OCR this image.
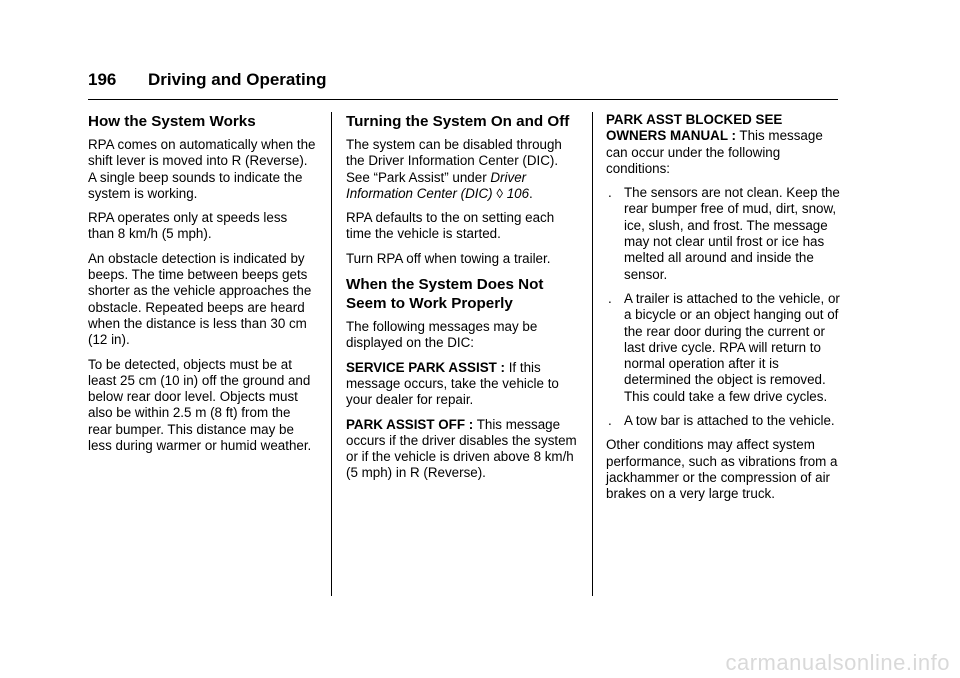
196 Driving and Operating
How the System Works

RPA comes on automatically when the shift lever is moved into R (Reverse). A single beep sounds to indicate the system is working.

RPA operates only at speeds less than 8 km/h (5 mph).

An obstacle detection is indicated by beeps. The time between beeps gets shorter as the vehicle approaches the obstacle. Repeated beeps are heard when the distance is less than 30 cm (12 in).

To be detected, objects must be at least 25 cm (10 in) off the ground and below rear door level. Objects must also be within 2.5 m (8 ft) from the rear bumper. This distance may be less during warmer or humid weather.

Turning the System On and Off

The system can be disabled through the Driver Information Center (DIC). See “Park Assist” under Driver Information Center (DIC) ◊ 106.

RPA defaults to the on setting each time the vehicle is started.

Turn RPA off when towing a trailer.

When the System Does Not Seem to Work Properly

The following messages may be displayed on the DIC:

SERVICE PARK ASSIST : If this message occurs, take the vehicle to your dealer for repair.

PARK ASSIST OFF : This message occurs if the driver disables the system or if the vehicle is driven above 8 km/h (5 mph) in R (Reverse).

PARK ASST BLOCKED SEE OWNERS MANUAL : This message can occur under the following conditions:

. The sensors are not clean. Keep the rear bumper free of mud, dirt, snow, ice, slush, and frost. The message may not clear until frost or ice has melted all around and inside the sensor.
. A trailer is attached to the vehicle, or a bicycle or an object hanging out of the rear door during the current or last drive cycle. RPA will return to normal operation after it is determined the object is removed. This could take a few drive cycles.
. A tow bar is attached to the vehicle.

Other conditions may affect system performance, such as vibrations from a jackhammer or the compression of air brakes on a very large truck.

carmanualsonline.info
